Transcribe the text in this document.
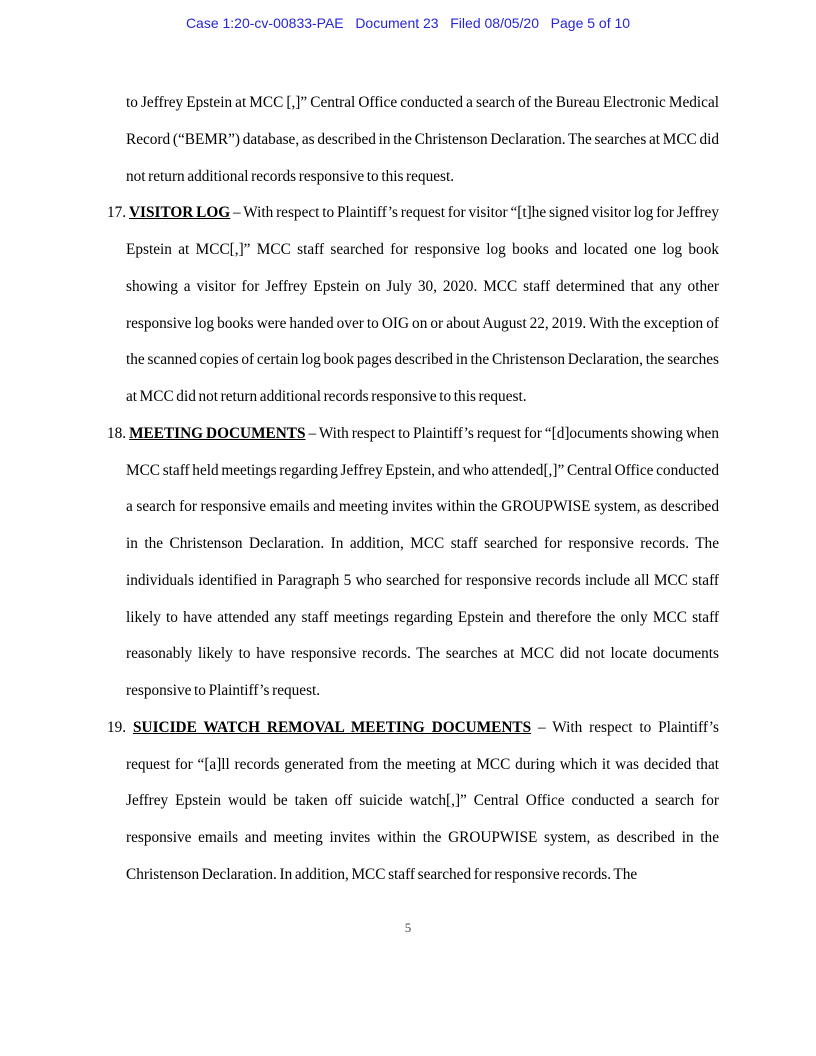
Case 1:20-cv-00833-PAE   Document 23   Filed 08/05/20   Page 5 of 10

to Jeffrey Epstein at MCC [,]” Central Office conducted a search of the Bureau Electronic Medical Record (“BEMR”) database, as described in the Christenson Declaration. The searches at MCC did not return additional records responsive to this request.

17. VISITOR LOG – With respect to Plaintiff’s request for visitor “[t]he signed visitor log for Jeffrey Epstein at MCC[,]” MCC staff searched for responsive log books and located one log book showing a visitor for Jeffrey Epstein on July 30, 2020. MCC staff determined that any other responsive log books were handed over to OIG on or about August 22, 2019. With the exception of the scanned copies of certain log book pages described in the Christenson Declaration, the searches at MCC did not return additional records responsive to this request.

18. MEETING DOCUMENTS – With respect to Plaintiff’s request for “[d]ocuments showing when MCC staff held meetings regarding Jeffrey Epstein, and who attended[,]” Central Office conducted a search for responsive emails and meeting invites within the GROUPWISE system, as described in the Christenson Declaration. In addition, MCC staff searched for responsive records. The individuals identified in Paragraph 5 who searched for responsive records include all MCC staff likely to have attended any staff meetings regarding Epstein and therefore the only MCC staff reasonably likely to have responsive records. The searches at MCC did not locate documents responsive to Plaintiff’s request.

19. SUICIDE WATCH REMOVAL MEETING DOCUMENTS – With respect to Plaintiff’s request for “[a]ll records generated from the meeting at MCC during which it was decided that Jeffrey Epstein would be taken off suicide watch[,]” Central Office conducted a search for responsive emails and meeting invites within the GROUPWISE system, as described in the Christenson Declaration. In addition, MCC staff searched for responsive records. The

5
